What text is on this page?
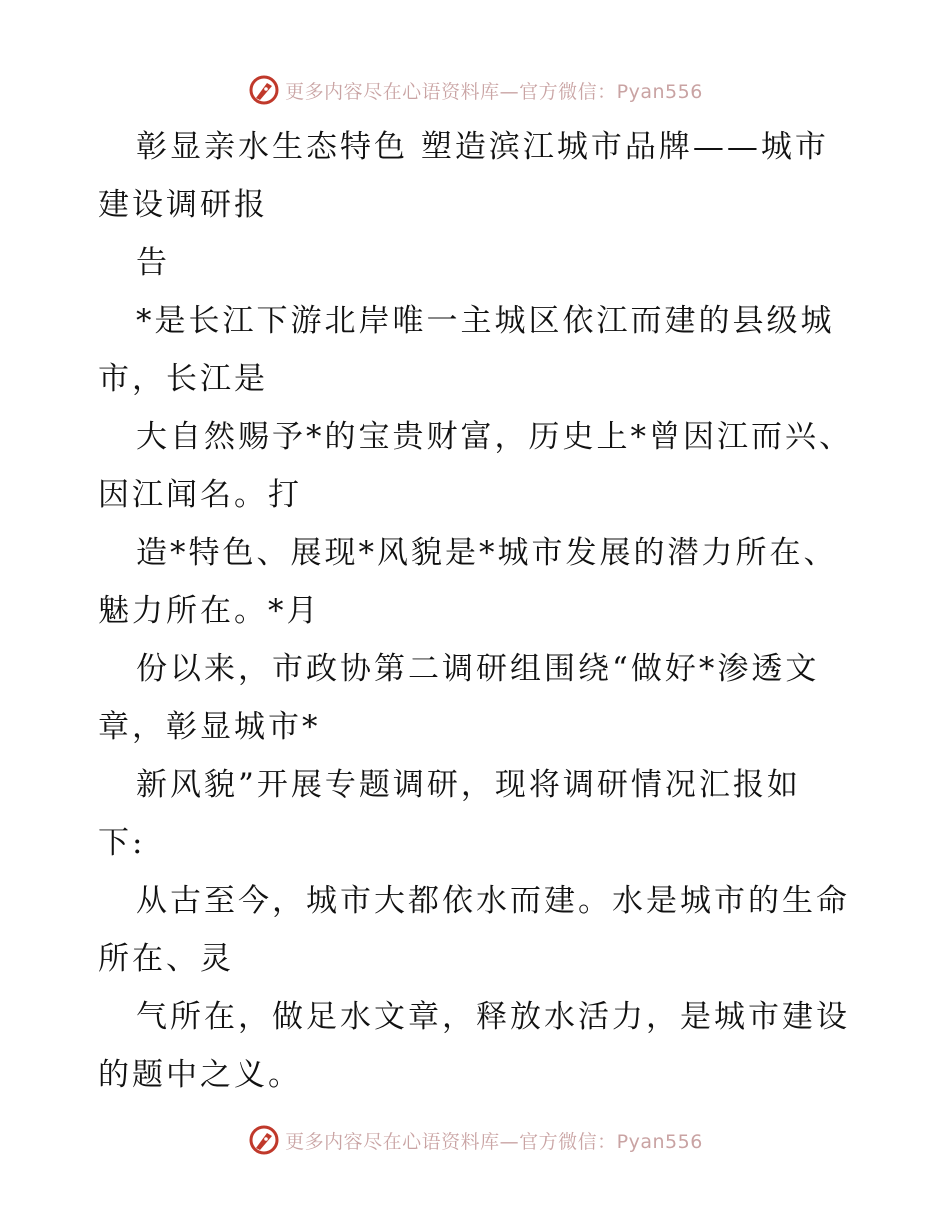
更多内容尽在心语资料库—官方微信：Pyan556
彰显亲水生态特色 塑造滨江城市品牌——城市
建设调研报
告
*是长江下游北岸唯一主城区依江而建的县级城
市，长江是
大自然赐予*的宝贵财富，历史上*曾因江而兴、
因江闻名。打
造*特色、展现*风貌是*城市发展的潜力所在、
魅力所在。*月
份以来，市政协第二调研组围绕“做好*渗透文
章，彰显城市*
新风貌”开展专题调研，现将调研情况汇报如
下:
从古至今，城市大都依水而建。水是城市的生命
所在、灵
气所在，做足水文章，释放水活力，是城市建设
的题中之义。
更多内容尽在心语资料库—官方微信：Pyan556
